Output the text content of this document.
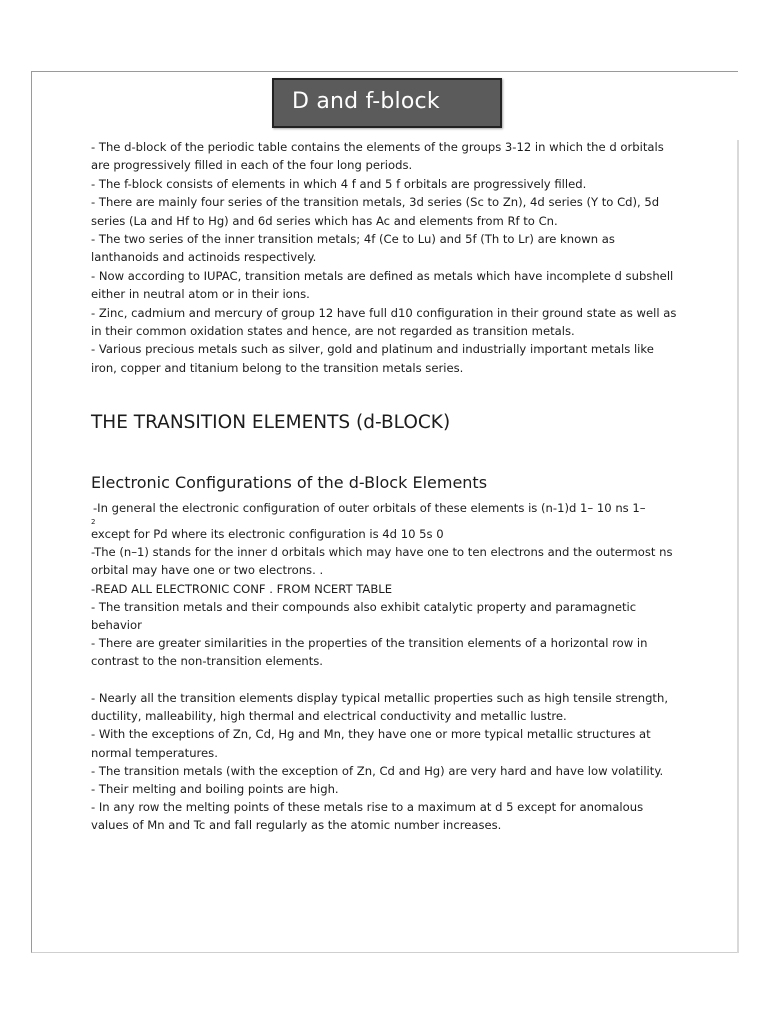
D and f-block
- The d-block of the periodic table contains the elements of the groups 3-12 in which the d orbitals
are progressively filled in each of the four long periods.
- The f-block consists of elements in which 4 f and 5 f orbitals are progressively filled.
- There are mainly four series of the transition metals, 3d series (Sc to Zn), 4d series (Y to Cd), 5d
series (La and Hf to Hg) and 6d series which has Ac and elements from Rf to Cn.
- The two series of the inner transition metals; 4f (Ce to Lu) and 5f (Th to Lr) are known as
lanthanoids and actinoids respectively.
- Now according to IUPAC, transition metals are defined as metals which have incomplete d subshell
either in neutral atom or in their ions.
- Zinc, cadmium and mercury of group 12 have full d10 configuration in their ground state as well as
in their common oxidation states and hence, are not regarded as transition metals.
- Various precious metals such as silver, gold and platinum and industrially important metals like
iron, copper and titanium belong to the transition metals series.
THE TRANSITION ELEMENTS (d-BLOCK)
Electronic Configurations of the d-Block Elements
-In general the electronic configuration of outer orbitals of these elements is (n-1)d 1– 10 ns 1–
2
except for Pd where its electronic configuration is 4d 10 5s 0
-The (n–1) stands for the inner d orbitals which may have one to ten electrons and the outermost ns
orbital may have one or two electrons. .
-READ ALL ELECTRONIC CONF . FROM NCERT TABLE
- The transition metals and their compounds also exhibit catalytic property and paramagnetic
behavior
- There are greater similarities in the properties of the transition elements of a horizontal row in
contrast to the non-transition elements.
- Nearly all the transition elements display typical metallic properties such as high tensile strength,
ductility, malleability, high thermal and electrical conductivity and metallic lustre.
- With the exceptions of Zn, Cd, Hg and Mn, they have one or more typical metallic structures at
normal temperatures.
- The transition metals (with the exception of Zn, Cd and Hg) are very hard and have low volatility.
- Their melting and boiling points are high.
- In any row the melting points of these metals rise to a maximum at d 5 except for anomalous
values of Mn and Tc and fall regularly as the atomic number increases.
